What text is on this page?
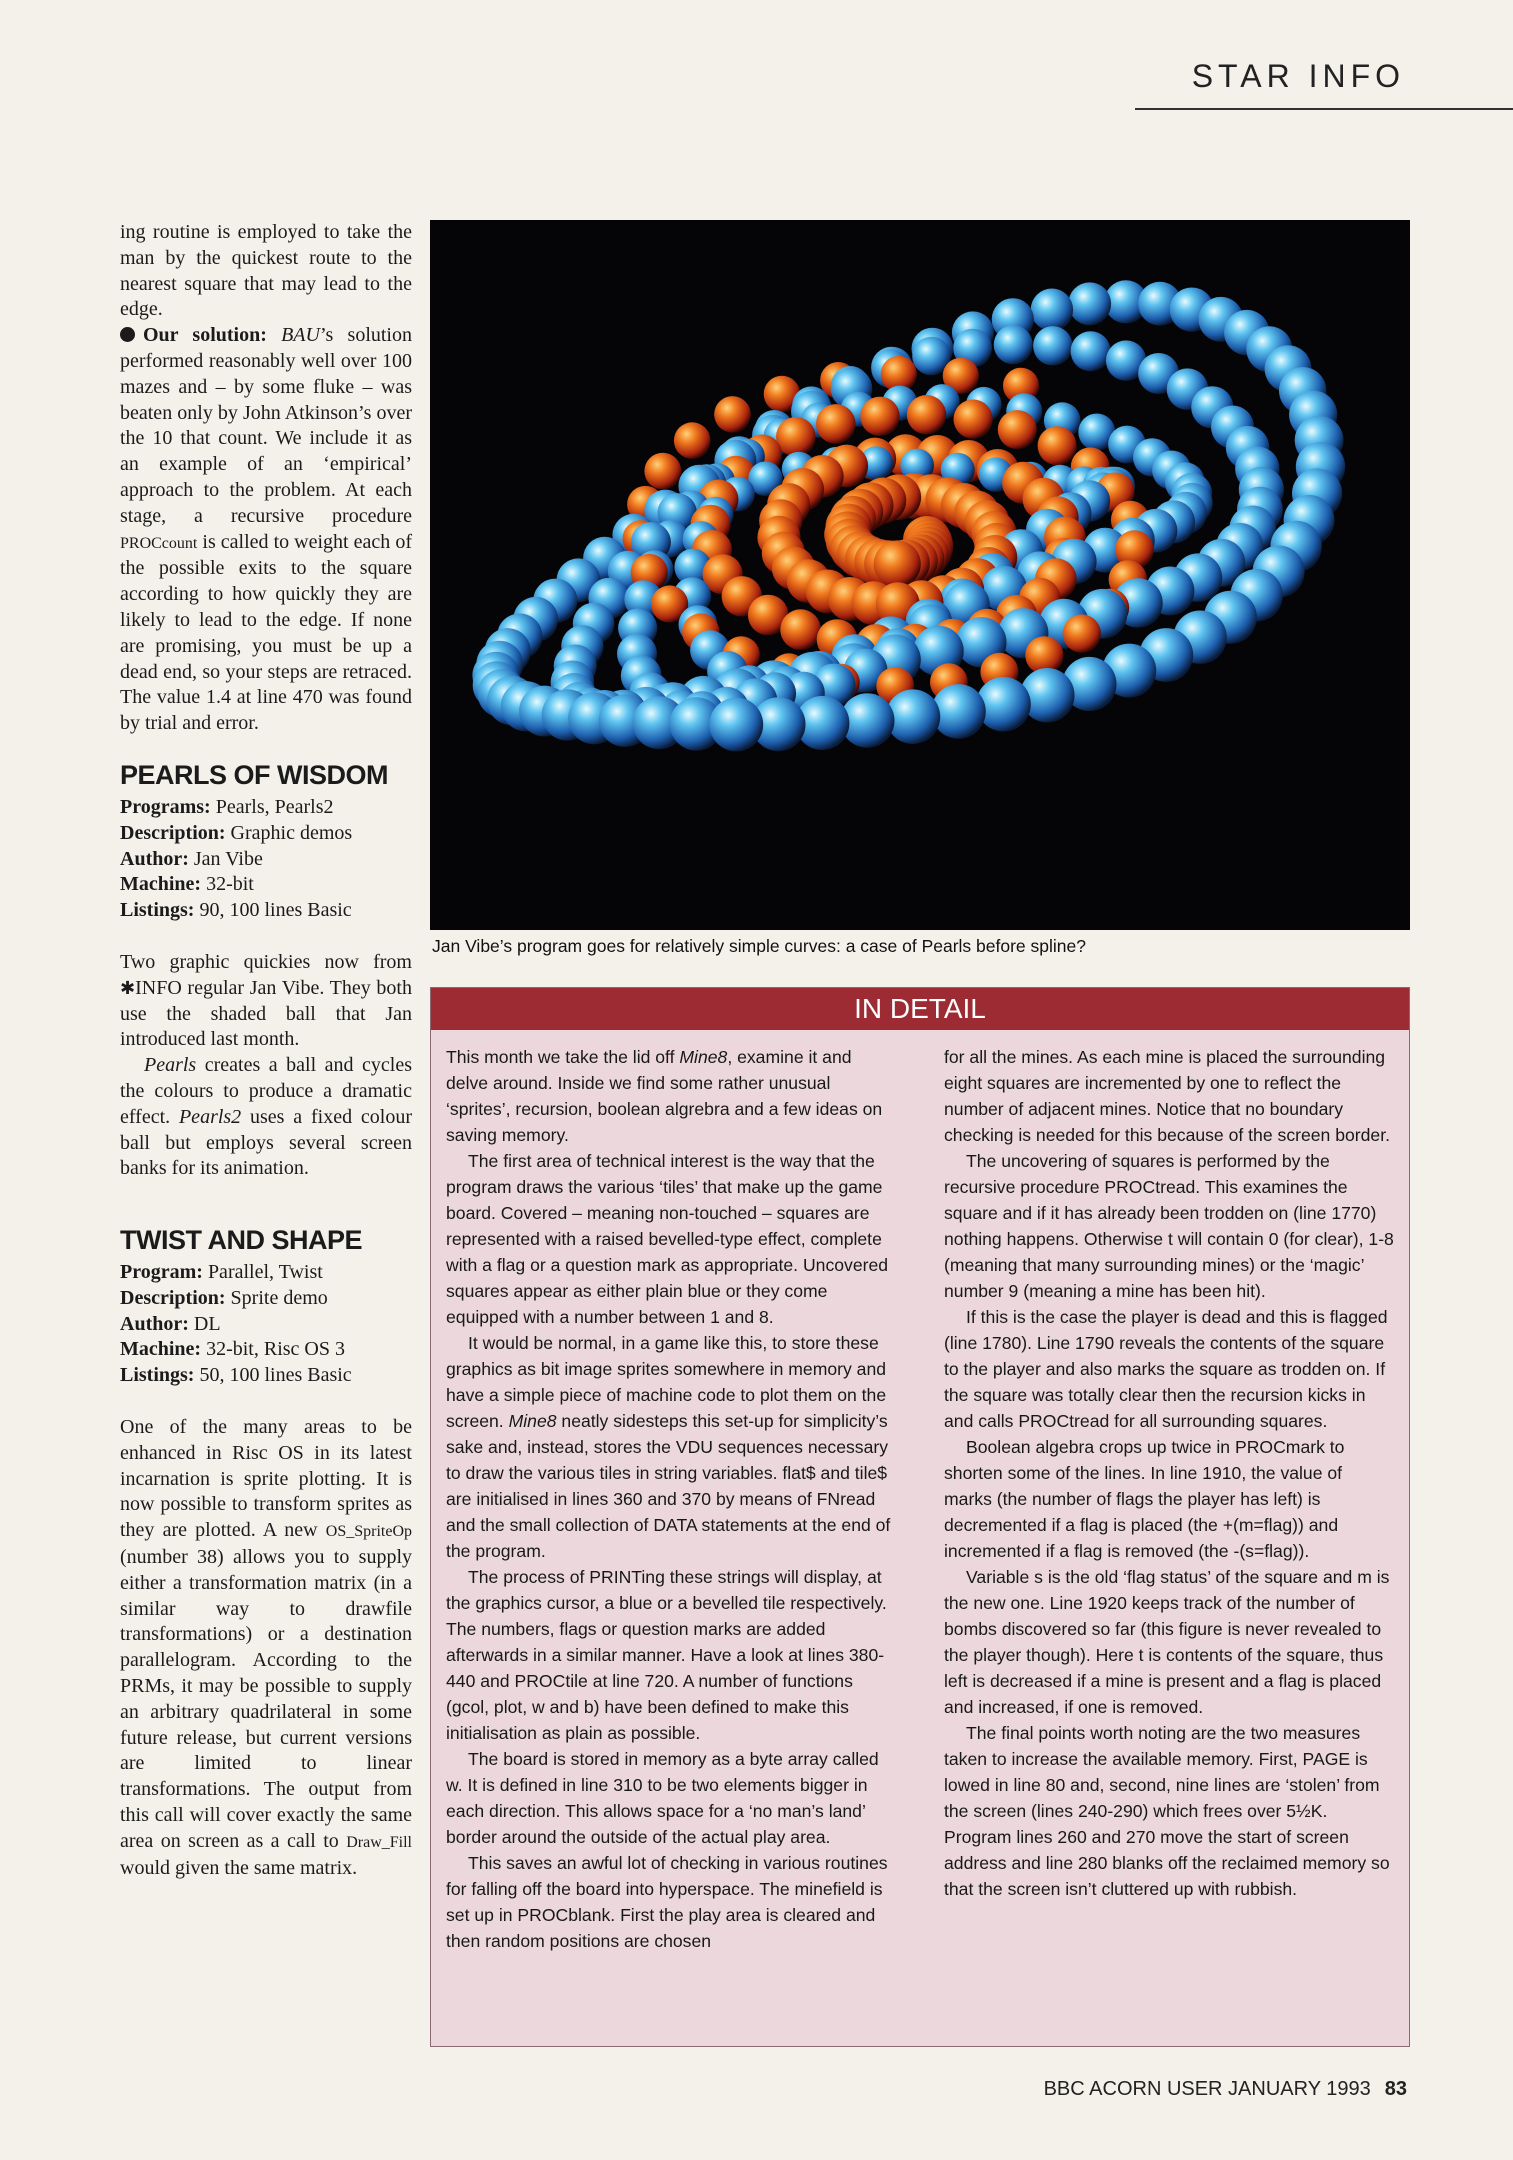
STAR INFO

ing routine is employed to take the man by the quickest route to the nearest square that may lead to the edge.

Our solution: BAU’s solution performed reasonably well over 100 mazes and – by some fluke – was beaten only by John Atkinson’s over the 10 that count. We include it as an example of an ‘empirical’ approach to the problem. At each stage, a recursive procedure PROCcount is called to weight each of the possible exits to the square according to how quickly they are likely to lead to the edge. If none are promising, you must be up a dead end, so your steps are retraced. The value 1.4 at line 470 was found by trial and error.

PEARLS OF WISDOM

Programs: Pearls, Pearls2

Description: Graphic demos

Author: Jan Vibe

Machine: 32-bit

Listings: 90, 100 lines Basic

Two graphic quickies now from ✱INFO regular Jan Vibe. They both use the shaded ball that Jan introduced last month.

Pearls creates a ball and cycles the colours to produce a dramatic effect. Pearls2 uses a fixed colour ball but employs several screen banks for its animation.

TWIST AND SHAPE

Program: Parallel, Twist

Description: Sprite demo

Author: DL

Machine: 32-bit, Risc OS 3

Listings: 50, 100 lines Basic

One of the many areas to be enhanced in Risc OS in its latest incarnation is sprite plotting. It is now possible to transform sprites as they are plotted. A new OS_SpriteOp (number 38) allows you to supply either a transformation matrix (in a similar way to drawfile transformations) or a destination parallelogram. According to the PRMs, it may be possible to supply an arbitrary quadrilateral in some future release, but current versions are limited to linear transformations. The output from this call will cover exactly the same area on screen as a call to Draw_Fill would given the same matrix.

Jan Vibe’s program goes for relatively simple curves: a case of Pearls before spline?
IN DETAIL

This month we take the lid off Mine8, examine it and delve around. Inside we find some rather unusual ‘sprites’, recursion, boolean algrebra and a few ideas on saving memory.

The first area of technical interest is the way that the program draws the various ‘tiles’ that make up the game board. Covered – meaning non-touched – squares are represented with a raised bevelled-type effect, complete with a flag or a question mark as appropriate. Uncovered squares appear as either plain blue or they come equipped with a number between 1 and 8.

It would be normal, in a game like this, to store these graphics as bit image sprites somewhere in memory and have a simple piece of machine code to plot them on the screen. Mine8 neatly sidesteps this set-up for simplicity’s sake and, instead, stores the VDU sequences necessary to draw the various tiles in string variables. flat$ and tile$ are initialised in lines 360 and 370 by means of FNread and the small collection of DATA statements at the end of the program.

The process of PRINTing these strings will display, at the graphics cursor, a blue or a bevelled tile respectively. The numbers, flags or question marks are added afterwards in a similar manner. Have a look at lines 380-440 and PROCtile at line 720. A number of functions (gcol, plot, w and b) have been defined to make this initialisation as plain as possible.

The board is stored in memory as a byte array called w. It is defined in line 310 to be two elements bigger in each direction. This allows space for a ‘no man’s land’ border around the outside of the actual play area.

This saves an awful lot of checking in various routines for falling off the board into hyperspace. The minefield is set up in PROCblank. First the play area is cleared and then random positions are chosen

for all the mines. As each mine is placed the surrounding eight squares are incremented by one to reflect the number of adjacent mines. Notice that no boundary checking is needed for this because of the screen border.

The uncovering of squares is performed by the recursive procedure PROCtread. This examines the square and if it has already been trodden on (line 1770) nothing happens. Otherwise t will contain 0 (for clear), 1-8 (meaning that many surrounding mines) or the ‘magic’ number 9 (meaning a mine has been hit).

If this is the case the player is dead and this is flagged (line 1780). Line 1790 reveals the contents of the square to the player and also marks the square as trodden on. If the square was totally clear then the recursion kicks in and calls PROCtread for all surrounding squares.

Boolean algebra crops up twice in PROCmark to shorten some of the lines. In line 1910, the value of marks (the number of flags the player has left) is decremented if a flag is placed (the +(m=flag)) and incremented if a flag is removed (the -(s=flag)).

Variable s is the old ‘flag status’ of the square and m is the new one. Line 1920 keeps track of the number of bombs discovered so far (this figure is never revealed to the player though). Here t is contents of the square, thus left is decreased if a mine is present and a flag is placed and increased, if one is removed.

The final points worth noting are the two measures taken to increase the available memory. First, PAGE is lowed in line 80 and, second, nine lines are ‘stolen’ from the screen (lines 240-290) which frees over 5½K. Program lines 260 and 270 move the start of screen address and line 280 blanks off the reclaimed memory so that the screen isn’t cluttered up with rubbish.

BBC ACORN USER JANUARY 1993 83
